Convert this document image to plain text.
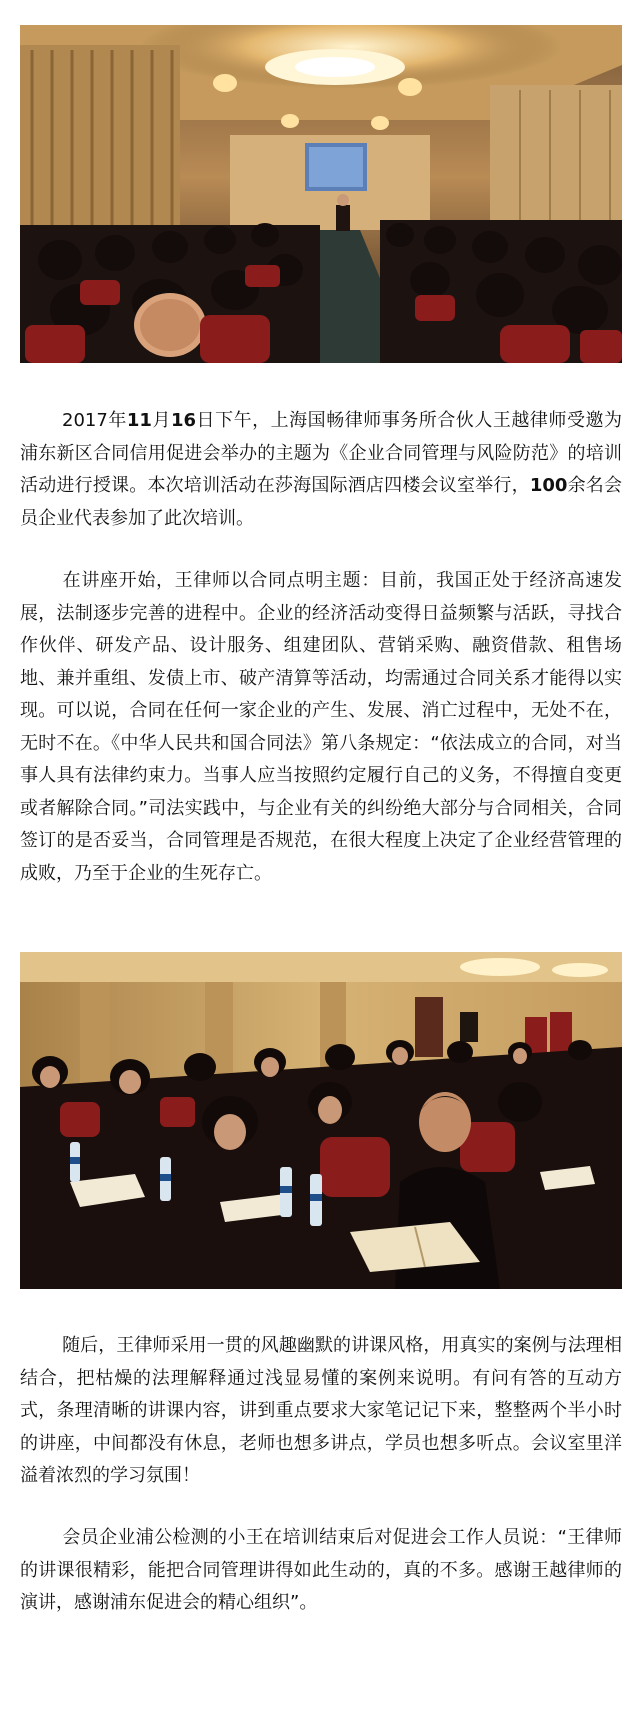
2017年11月16日下午，上海国畅律师事务所合伙人王越律师受邀为浦东新区合同信用促进会举办的主题为《企业合同管理与风险防范》的培训活动进行授课。本次培训活动在莎海国际酒店四楼会议室举行，100余名会员企业代表参加了此次培训。

在讲座开始，王律师以合同点明主题：目前，我国正处于经济高速发展，法制逐步完善的进程中。企业的经济活动变得日益频繁与活跃，寻找合作伙伴、研发产品、设计服务、组建团队、营销采购、融资借款、租售场地、兼并重组、发债上市、破产清算等活动，均需通过合同关系才能得以实现。可以说，合同在任何一家企业的产生、发展、消亡过程中，无处不在，无时不在。《中华人民共和国合同法》第八条规定：“依法成立的合同，对当事人具有法律约束力。当事人应当按照约定履行自己的义务，不得擅自变更或者解除合同。”司法实践中，与企业有关的纠纷绝大部分与合同相关，合同签订的是否妥当，合同管理是否规范，在很大程度上决定了企业经营管理的成败，乃至于企业的生死存亡。

随后，王律师采用一贯的风趣幽默的讲课风格，用真实的案例与法理相结合，把枯燥的法理解释通过浅显易懂的案例来说明。有问有答的互动方式，条理清晰的讲课内容，讲到重点要求大家笔记记下来，整整两个半小时的讲座，中间都没有休息，老师也想多讲点，学员也想多听点。会议室里洋溢着浓烈的学习氛围！

会员企业浦公检测的小王在培训结束后对促进会工作人员说：“王律师的讲课很精彩，能把合同管理讲得如此生动的，真的不多。感谢王越律师的演讲，感谢浦东促进会的精心组织”。
